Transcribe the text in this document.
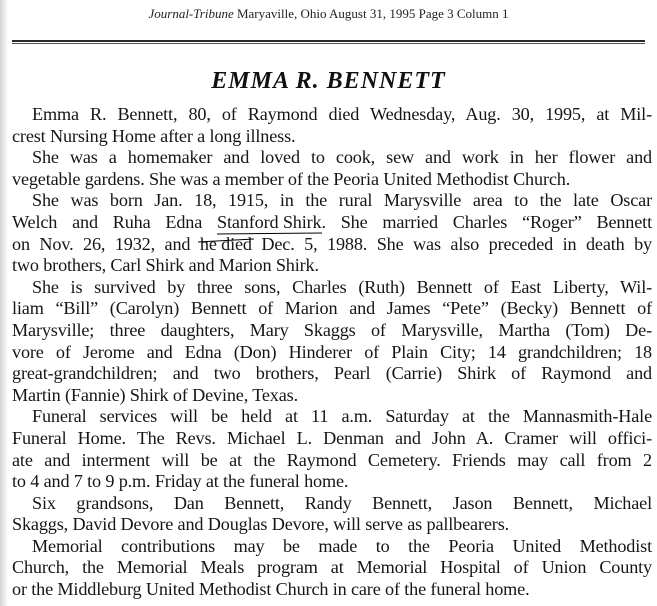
Journal-Tribune Maryaville, Ohio August 31, 1995 Page 3 Column 1
EMMA R. BENNETT
Emma R. Bennett, 80, of Raymond died Wednesday, Aug. 30, 1995, at Mil-
crest Nursing Home after a long illness.
She was a homemaker and loved to cook, sew and work in her flower and
vegetable gardens. She was a member of the Peoria United Methodist Church.
She was born Jan. 18, 1915, in the rural Marysville area to the late Oscar
Welch and Ruha Edna Stanford Shirk
. She married Charles “Roger” Bennett
on Nov. 26, 1932, and he died
Dec. 5, 1988. She was also preceded in death by
two brothers, Carl Shirk and Marion Shirk.
She is survived by three sons, Charles (Ruth) Bennett of East Liberty, Wil-
liam “Bill” (Carolyn) Bennett of Marion and James “Pete” (Becky) Bennett of
Marysville; three daughters, Mary Skaggs of Marysville, Martha (Tom) De-
vore of Jerome and Edna (Don) Hinderer of Plain City; 14 grandchildren; 18
great-grandchildren; and two brothers, Pearl (Carrie) Shirk of Raymond and
Martin (Fannie) Shirk of Devine, Texas.
Funeral services will be held at 11 a.m. Saturday at the Mannasmith-Hale
Funeral Home. The Revs. Michael L. Denman and John A. Cramer will offici-
ate and interment will be at the Raymond Cemetery. Friends may call from 2
to 4 and 7 to 9 p.m. Friday at the funeral home.
Six grandsons, Dan Bennett, Randy Bennett, Jason Bennett, Michael
Skaggs, David Devore and Douglas Devore, will serve as pallbearers.
Memorial contributions may be made to the Peoria United Methodist
Church, the Memorial Meals program at Memorial Hospital of Union County
or the Middleburg United Methodist Church in care of the funeral home.
